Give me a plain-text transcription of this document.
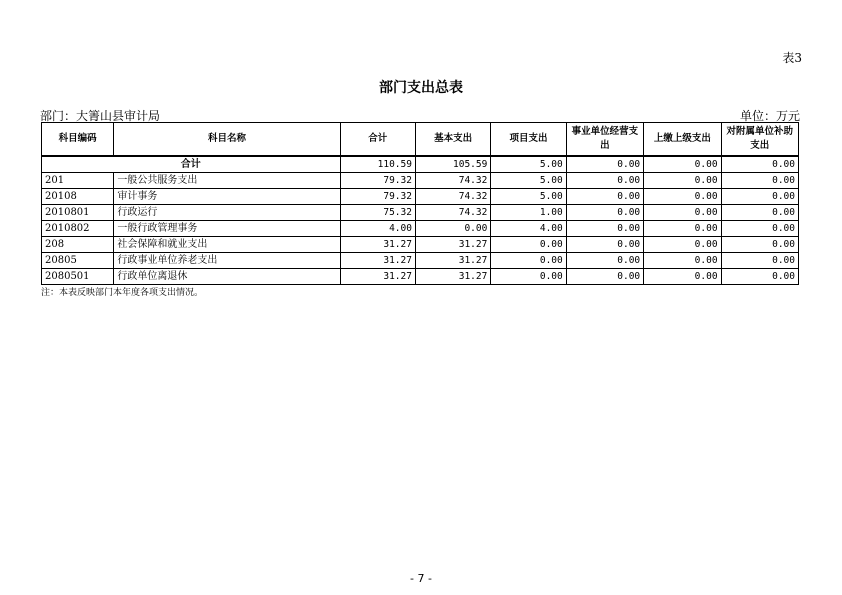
表3
部门支出总表
部门：大箐山县审计局	单位：万元
科目编码	科目名称	合计	基本支出	项目支出	事业单位经营支出	上缴上级支出	对附属单位补助支出
合计		110.59	105.59	5.00	0.00	0.00	0.00
201	一般公共服务支出	79.32	74.32	5.00	0.00	0.00	0.00
20108	审计事务	79.32	74.32	5.00	0.00	0.00	0.00
2010801	行政运行	75.32	74.32	1.00	0.00	0.00	0.00
2010802	一般行政管理事务	4.00	0.00	4.00	0.00	0.00	0.00
208	社会保障和就业支出	31.27	31.27	0.00	0.00	0.00	0.00
20805	行政事业单位养老支出	31.27	31.27	0.00	0.00	0.00	0.00
2080501	行政单位离退休	31.27	31.27	0.00	0.00	0.00	0.00
注：本表反映部门本年度各项支出情况。
- 7 -
